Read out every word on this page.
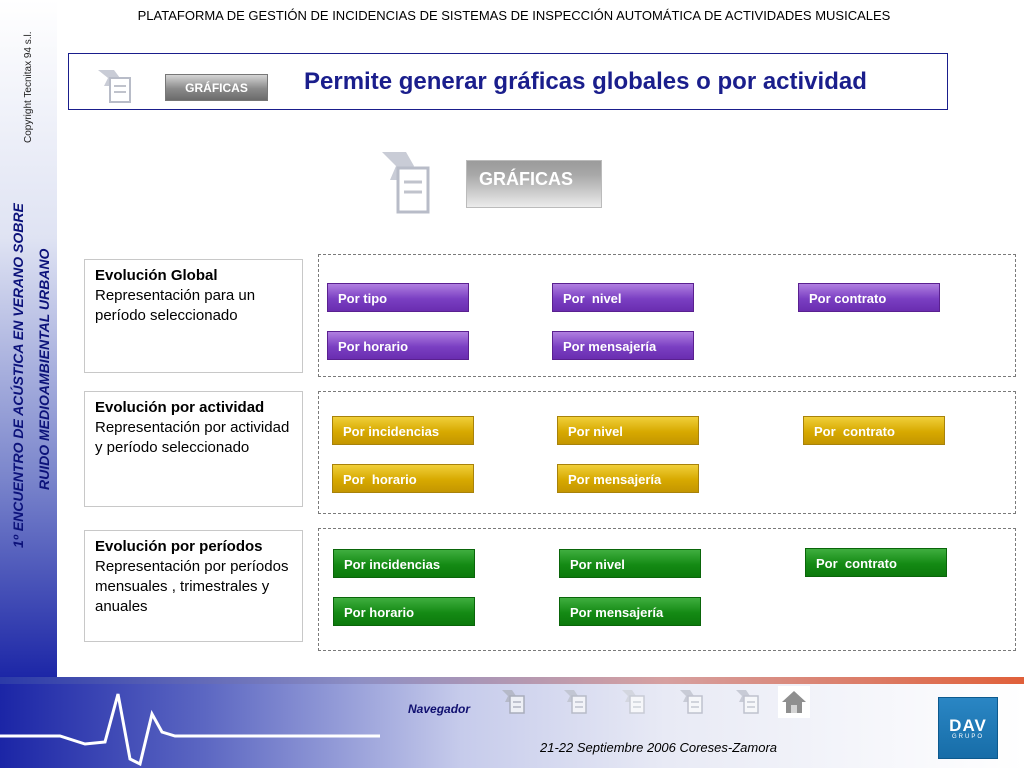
Copyright Tecnitax 94 s.l.
1º ENCUENTRO DE ACÚSTICA EN VERANO SOBRE RUIDO MEDIOAMBIENTAL URBANO
PLATAFORMA DE GESTIÓN DE INCIDENCIAS DE SISTEMAS DE INSPECCIÓN AUTOMÁTICA DE ACTIVIDADES MUSICALES
GRÁFICAS	Permite generar gráficas globales o por actividad
GRÁFICAS
Evolución Global
Representación para un período seleccionado
Por tipo	Por  nivel	Por contrato
Por horario	Por mensajería
Evolución por actividad
Representación por actividad y período seleccionado
Por incidencias	Por nivel	Por  contrato
Por  horario	Por mensajería
Evolución por períodos
Representación por períodos mensuales , trimestrales y anuales
Por incidencias	Por nivel	Por  contrato
Por horario	Por mensajería
Navegador
21-22 Septiembre 2006 Coreses-Zamora
DAV
GRUPO
